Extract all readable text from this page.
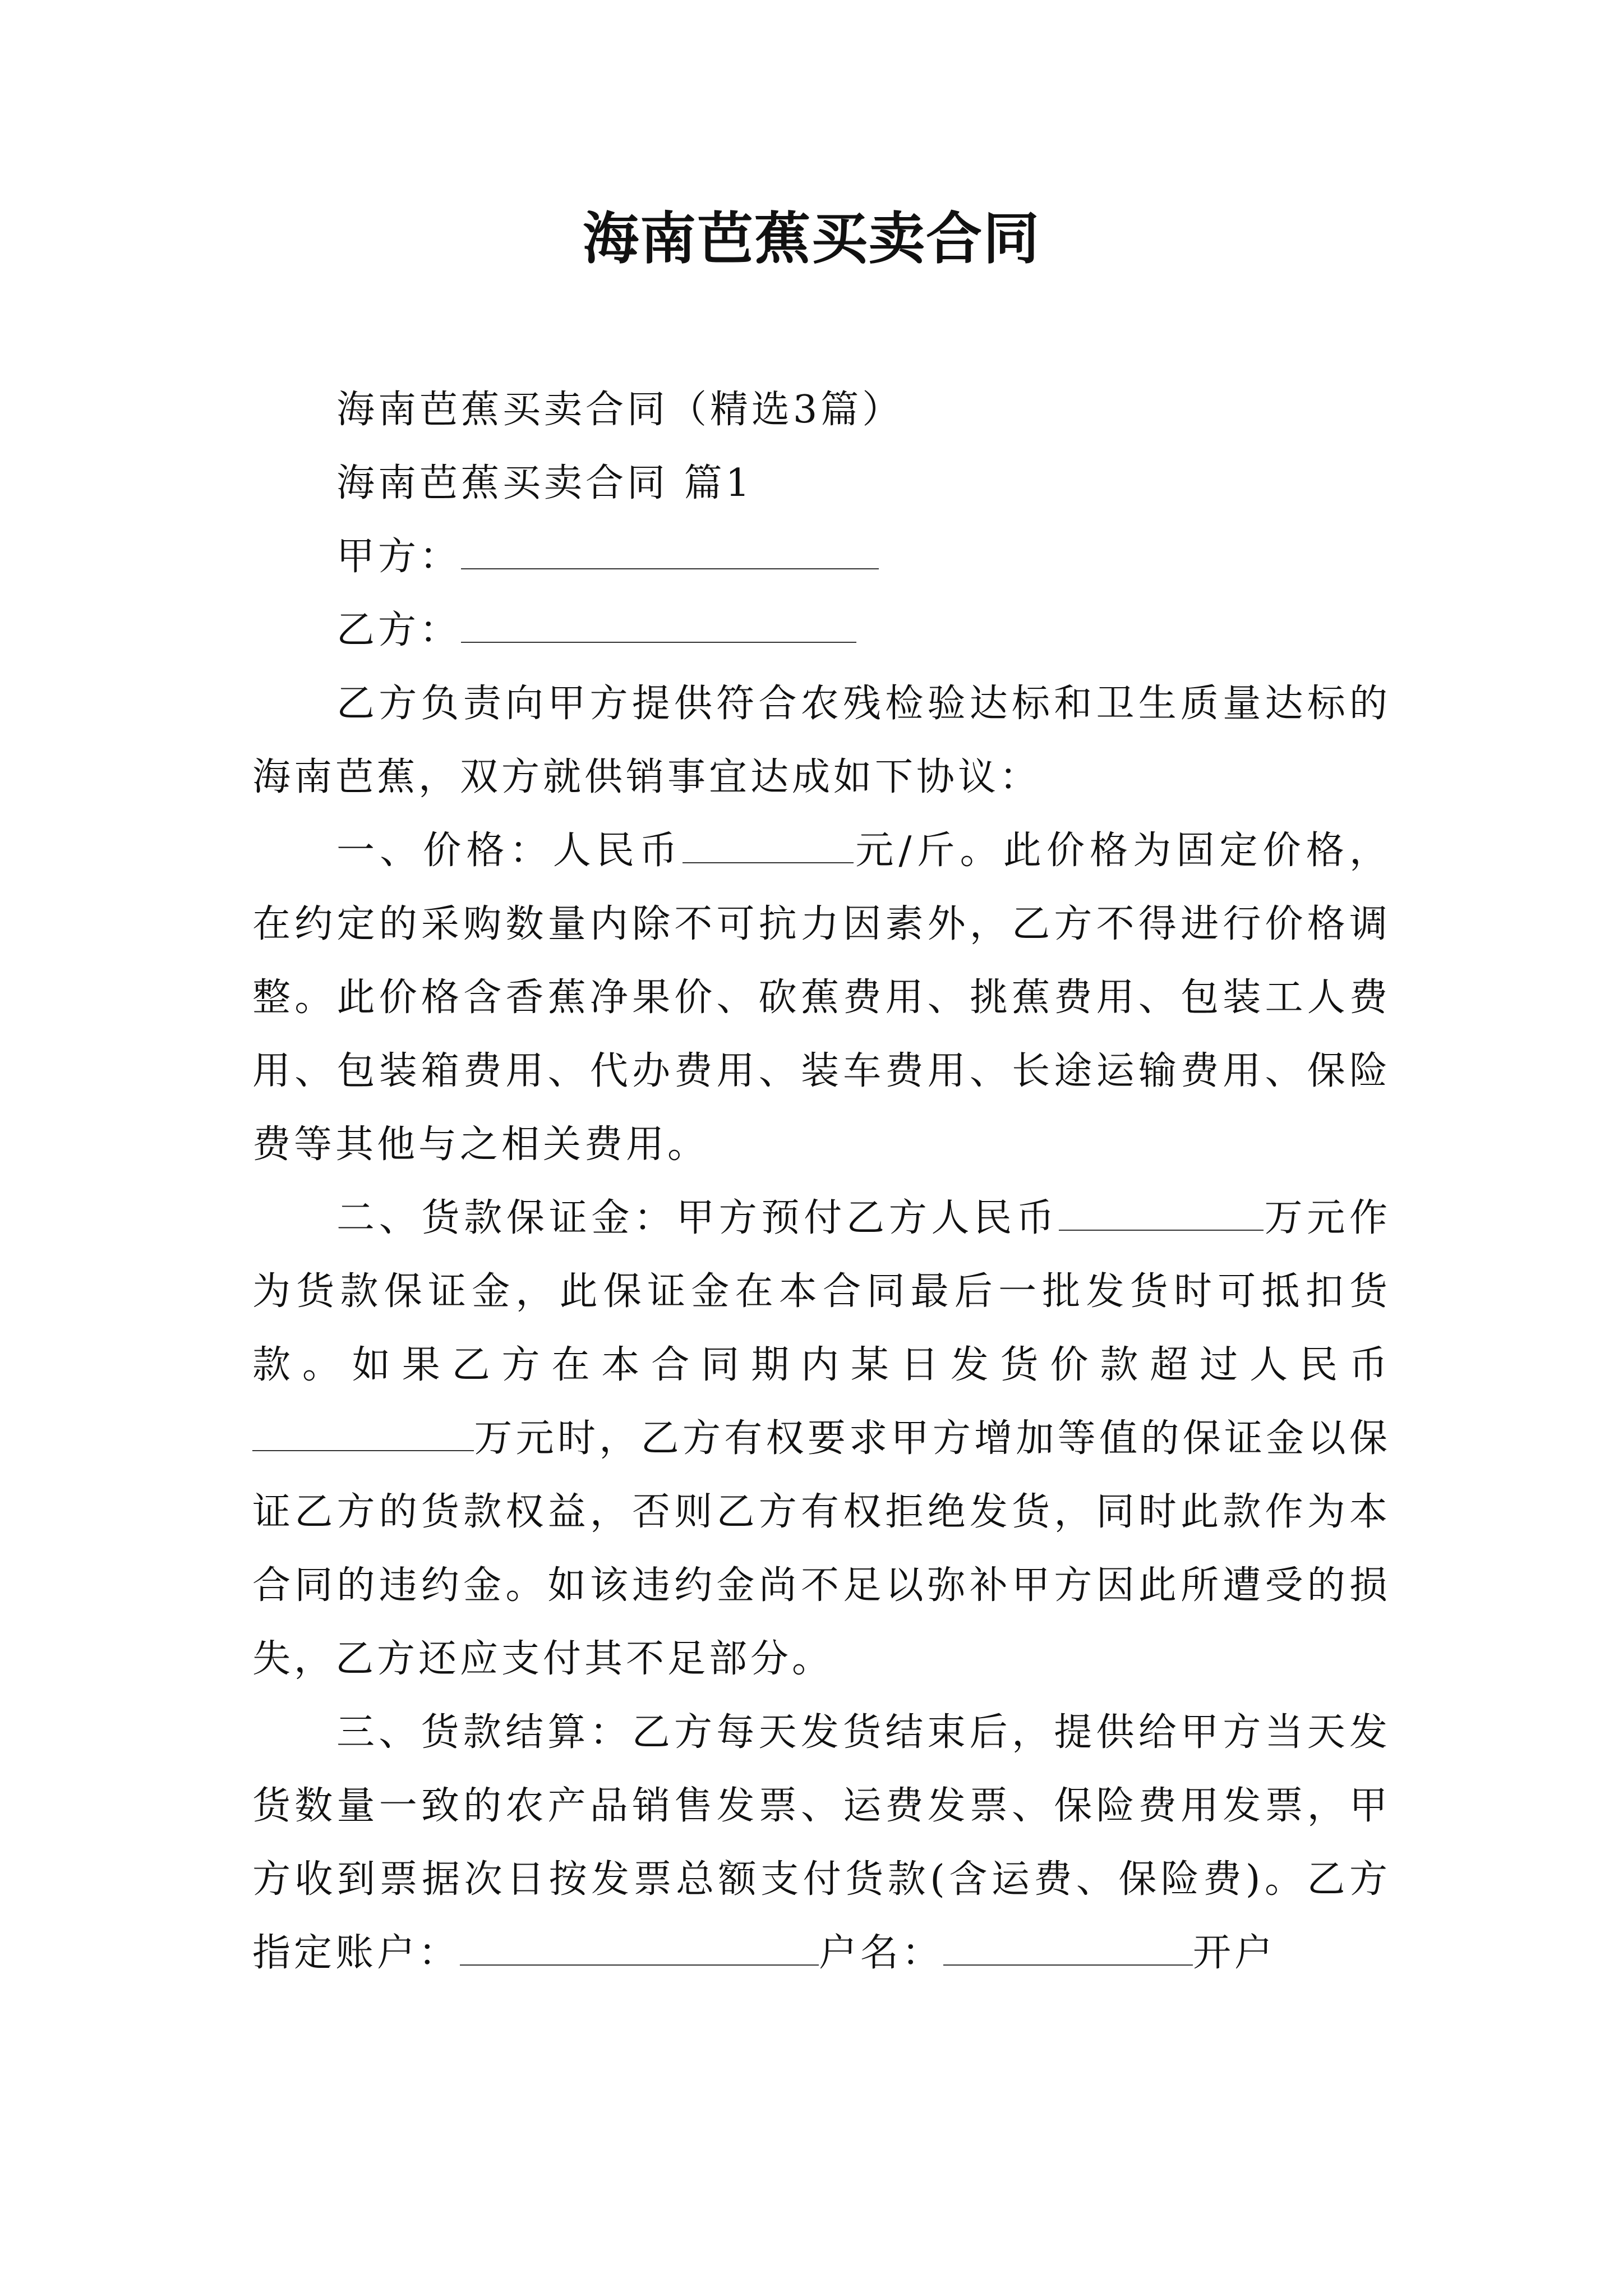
海南芭蕉买卖合同

海南芭蕉买卖合同（精选3篇）

海南芭蕉买卖合同 篇1

甲方：

乙方：

乙方负责向甲方提供符合农残检验达标和卫生质量达标的海南芭蕉，双方就供销事宜达成如下协议：

一、价格：人民币	元/斤。此价格为固定价格，在约定的采购数量内除不可抗力因素外，乙方不得进行价格调整。此价格含香蕉净果价、砍蕉费用、挑蕉费用、包装工人费用、包装箱费用、代办费用、装车费用、长途运输费用、保险费等其他与之相关费用。

二、货款保证金：甲方预付乙方人民币	万元作为货款保证金，此保证金在本合同最后一批发货时可抵扣货款。如果乙方在本合同期内某日发货价款超过人民币万元时，乙方有权要求甲方增加等值的保证金以保证乙方的货款权益，否则乙方有权拒绝发货，同时此款作为本合同的违约金。如该违约金尚不足以弥补甲方因此所遭受的损失，乙方还应支付其不足部分。

三、货款结算：乙方每天发货结束后，提供给甲方当天发货数量一致的农产品销售发票、运费发票、保险费用发票，甲方收到票据次日按发票总额支付货款(含运费、保险费)。乙方指定账户：	户名：	开户
